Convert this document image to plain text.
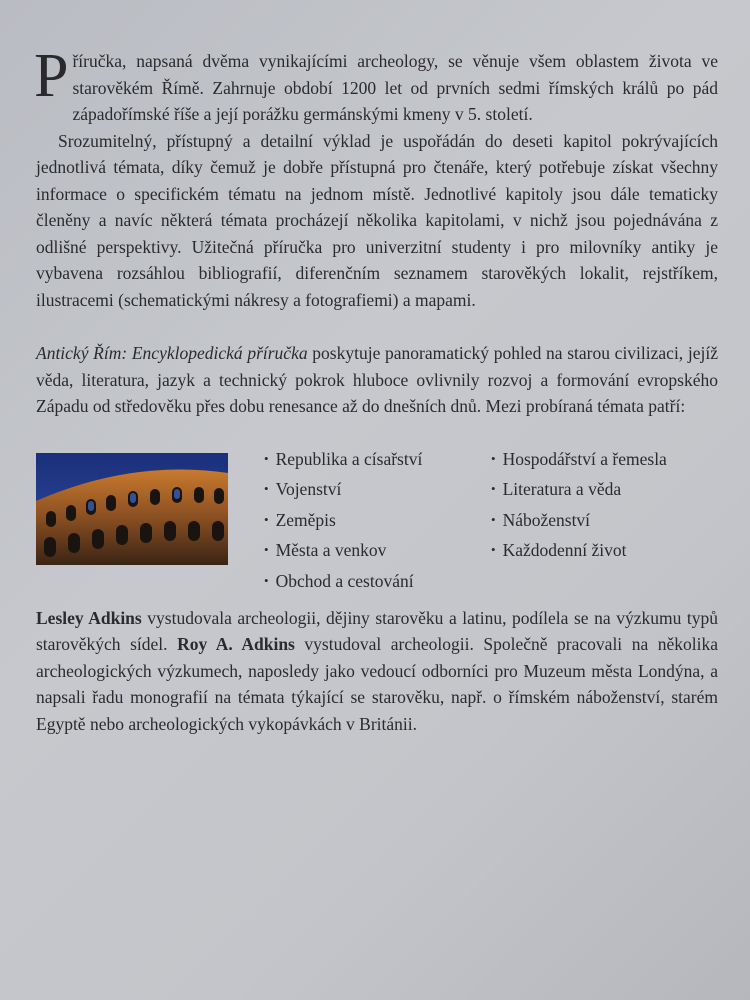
Příručka, napsaná dvěma vynikajícími archeology, se věnuje všem oblastem života ve starověkém Římě. Zahrnuje období 1200 let od prvních sedmi římských králů po pád západořímské říše a její porážku germánskými kmeny v 5. století.

Srozumitelný, přístupný a detailní výklad je uspořádán do deseti kapitol pokrývajících jednotlivá témata, díky čemuž je dobře přístupná pro čtenáře, který potřebuje získat všechny informace o specifickém tématu na jednom místě. Jednotlivé kapitoly jsou dále tematicky členěny a navíc některá témata procházejí několika kapitolami, v nichž jsou pojednávána z odlišné perspektivy. Užitečná příručka pro univerzitní studenty i pro milovníky antiky je vybavena rozsáhlou bibliografií, diferenčním seznamem starověkých lokalit, rejstříkem, ilustracemi (schematickými nákresy a fotografiemi) a mapami.

Antický Řím: Encyklopedická příručka poskytuje panoramatický pohled na starou civilizaci, jejíž věda, literatura, jazyk a technický pokrok hluboce ovlivnily rozvoj a formování evropského Západu od středověku přes dobu renesance až do dnešních dnů. Mezi probíraná témata patří:

• Republika a císařství
• Vojenství
• Zeměpis
• Města a venkov
• Obchod a cestování
• Hospodářství a řemesla
• Literatura a věda
• Náboženství
• Každodenní život

Lesley Adkins vystudovala archeologii, dějiny starověku a latinu, podílela se na výzkumu typů starověkých sídel. Roy A. Adkins vystudoval archeologii. Společně pracovali na několika archeologických výzkumech, naposledy jako vedoucí odborníci pro Muzeum města Londýna, a napsali řadu monografií na témata týkající se starověku, např. o římském náboženství, starém Egyptě nebo archeologických vykopávkách v Británii.
